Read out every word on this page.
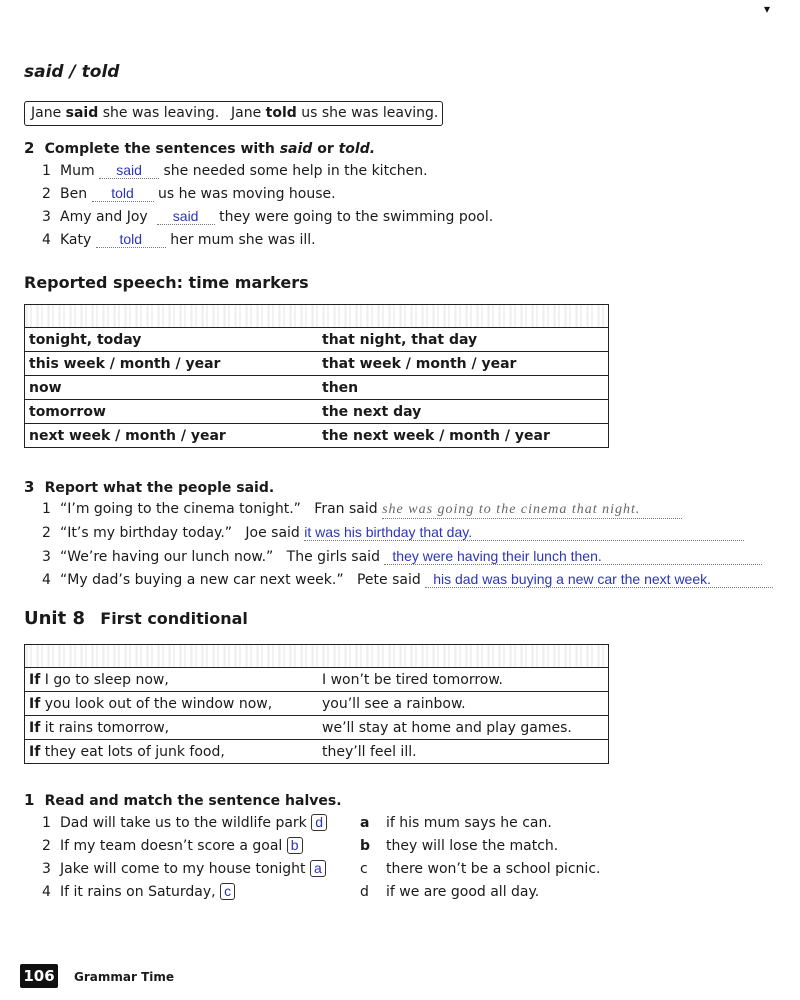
▾
said / told
Jane said she was leaving. Jane told us she was leaving.
2 Complete the sentences with said or told.
1 Mum said she needed some help in the kitchen.
2 Ben told us he was moving house.
3 Amy and Joy said they were going to the swimming pool.
4 Katy told her mum she was ill.
Reported speech: time markers

tonight, today	that night, that day
this week / month / year	that week / month / year
now	then
tomorrow	the next day
next week / month / year	the next week / month / year
3 Report what the people said.
1 “I’m going to the cinema tonight.” Fran said she was going to the cinema that night.
2 “It’s my birthday today.” Joe said it was his birthday that day.
3 “We’re having our lunch now.” The girls said they were having their lunch then.
4 “My dad’s buying a new car next week.” Pete said his dad was buying a new car the next week.
Unit 8 First conditional

If I go to sleep now,	I won’t be tired tomorrow.
If you look out of the window now,	you’ll see a rainbow.
If it rains tomorrow,	we’ll stay at home and play games.
If they eat lots of junk food,	they’ll feel ill.
1 Read and match the sentence halves.
1 Dad will take us to the wildlife park d
2 If my team doesn’t score a goal b
3 Jake will come to my house tonight a
4 If it rains on Saturday, c
a if his mum says he can.
b they will lose the match.
c there won’t be a school picnic.
d if we are good all day.
106 Grammar Time
